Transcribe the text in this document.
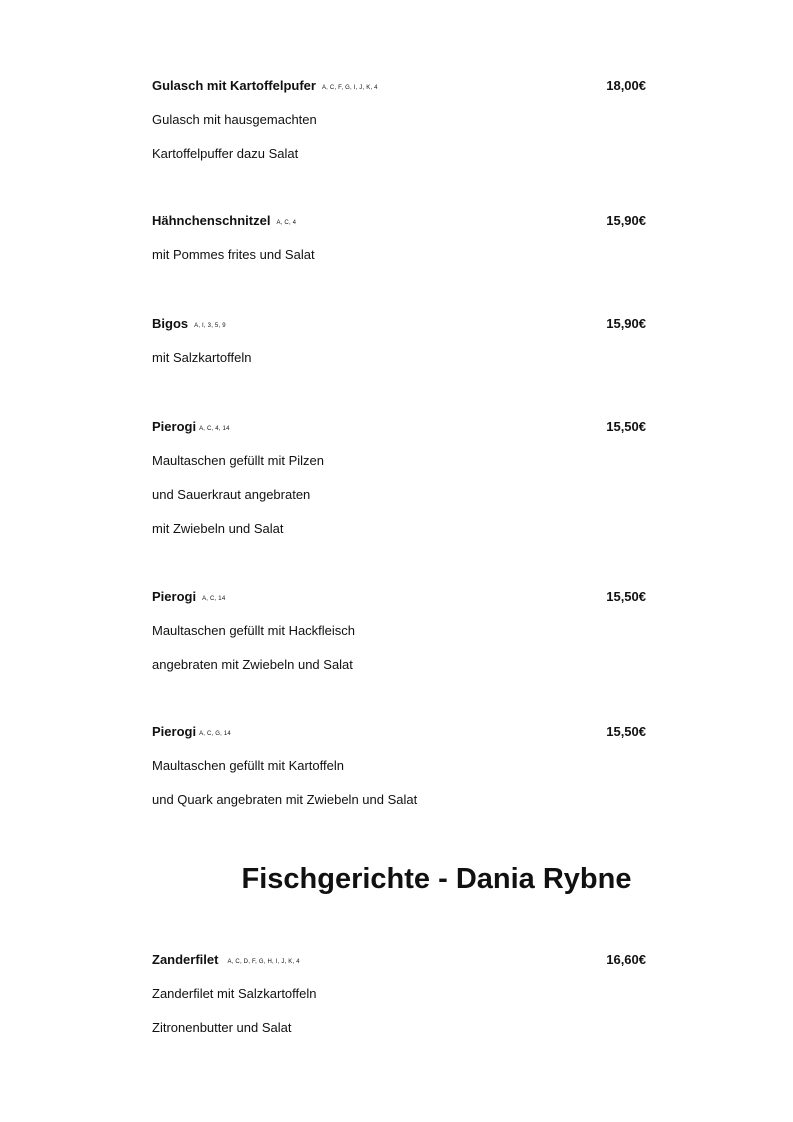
Gulasch mit Kartoffelpufer A, C, F, G, I, J, K, 4	18,00€
Gulasch mit hausgemachten
Kartoffelpuffer dazu Salat
Hähnchenschnitzel A, C, 4	15,90€
mit Pommes frites und Salat
Bigos A, I, 3, 5, 9	15,90€
mit Salzkartoffeln
Pierogi A, C, 4, 14	15,50€
Maultaschen gefüllt mit Pilzen
und Sauerkraut angebraten
mit Zwiebeln und Salat
Pierogi A, C, 14	15,50€
Maultaschen gefüllt mit Hackfleisch
angebraten mit Zwiebeln und Salat
Pierogi A, C, G, 14	15,50€
Maultaschen gefüllt mit Kartoffeln
und Quark angebraten mit Zwiebeln und Salat
Fischgerichte - Dania Rybne
Zanderfilet A, C, D, F, G, H, I, J, K, 4	16,60€
Zanderfilet mit Salzkartoffeln
Zitronenbutter und Salat
